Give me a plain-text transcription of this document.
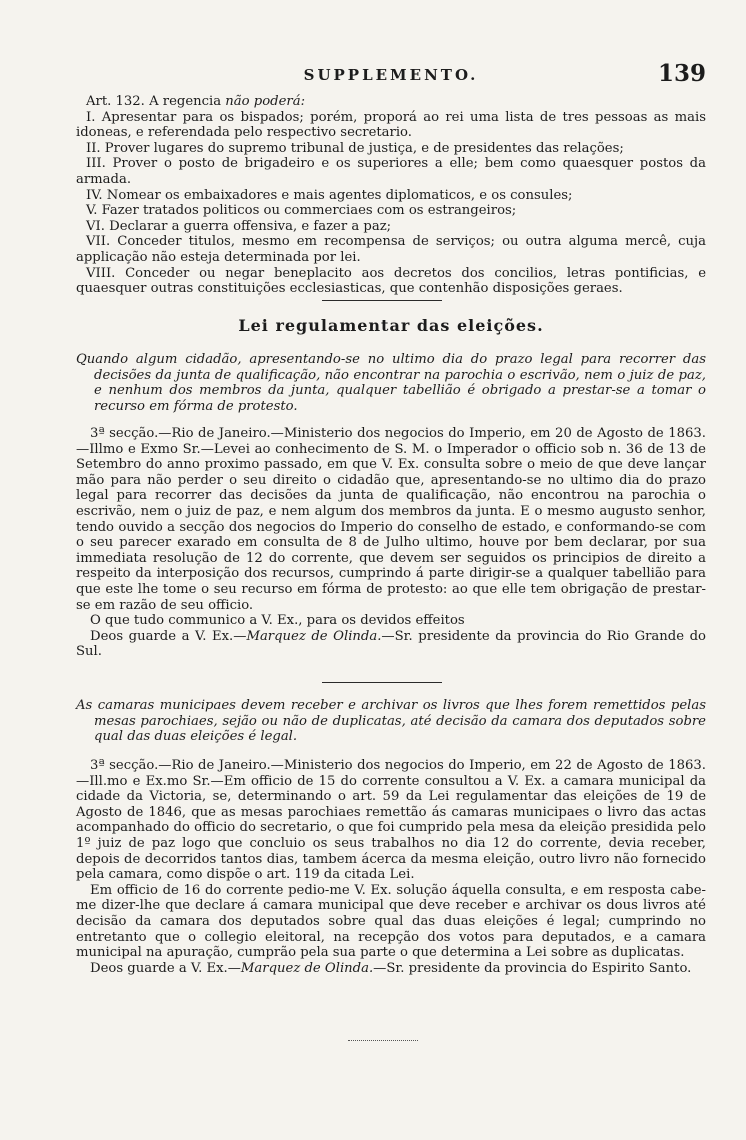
SUPPLEMENTO.	139

Art. 132. A regencia não poderá:

I. Apresentar para os bispados; porém, proporá ao rei uma lista de tres pessoas as mais idoneas, e referendada pelo respectivo secretario.

II. Prover lugares do supremo tribunal de justiça, e de presidentes das relações;

III. Prover o posto de brigadeiro e os superiores a elle; bem como quaesquer postos da armada.

IV. Nomear os embaixadores e mais agentes diplomaticos, e os consules;

V. Fazer tratados politicos ou commerciaes com os estrangeiros;

VI. Declarar a guerra offensiva, e fazer a paz;

VII. Conceder titulos, mesmo em recompensa de serviços; ou outra alguma mercê, cuja applicação não esteja determinada por lei.

VIII. Conceder ou negar beneplacito aos decretos dos concilios, letras pontificias, e quaesquer outras constituições ecclesiasticas, que contenhão disposições geraes.

Lei regulamentar das eleições.

Quando algum cidadão, apresentando-se no ultimo dia do prazo legal para recorrer das decisões da junta de qualificação, não encontrar na parochia o escrivão, nem o juiz de paz, e nenhum dos membros da junta, qualquer tabellião é obrigado a prestar-se a tomar o recurso em fórma de protesto.

3ª secção.—Rio de Janeiro.—Ministerio dos negocios do Imperio, em 20 de Agosto de 1863.—Illmo e Exmo Sr.—Levei ao conhecimento de S. M. o Imperador o officio sob n. 36 de 13 de Setembro do anno proximo passado, em que V. Ex. consulta sobre o meio de que deve lançar mão para não perder o seu direito o cidadão que, apresentando-se no ultimo dia do prazo legal para recorrer das decisões da junta de qualificação, não encontrou na parochia o escrivão, nem o juiz de paz, e nem algum dos membros da junta. E o mesmo augusto senhor, tendo ouvido a secção dos negocios do Imperio do conselho de estado, e conformando-se com o seu parecer exarado em consulta de 8 de Julho ultimo, houve por bem declarar, por sua immediata resolução de 12 do corrente, que devem ser seguidos os principios de direito a respeito da interposição dos recursos, cumprindo á parte dirigir-se a qualquer tabellião para que este lhe tome o seu recurso em fórma de protesto: ao que elle tem obrigação de prestar-se em razão de seu officio.

O que tudo communico a V. Ex., para os devidos effeitos

Deos guarde a V. Ex.—Marquez de Olinda.—Sr. presidente da provincia do Rio Grande do Sul.

As camaras municipaes devem receber e archivar os livros que lhes forem remettidos pelas mesas parochiaes, sejão ou não de duplicatas, até decisão da camara dos deputados sobre qual das duas eleições é legal.

3ª secção.—Rio de Janeiro.—Ministerio dos negocios do Imperio, em 22 de Agosto de 1863.—Ill.mo e Ex.mo Sr.—Em officio de 15 do corrente consultou a V. Ex. a camara municipal da cidade da Victoria, se, determinando o art. 59 da Lei regulamentar das eleições de 19 de Agosto de 1846, que as mesas parochiaes remettão ás camaras municipaes o livro das actas acompanhado do officio do secretario, o que foi cumprido pela mesa da eleição presidida pelo 1º juiz de paz logo que concluio os seus trabalhos no dia 12 do corrente, devia receber, depois de decorridos tantos dias, tambem ácerca da mesma eleição, outro livro não fornecido pela camara, como dispõe o art. 119 da citada Lei.

Em officio de 16 do corrente pedio-me V. Ex. solução áquella consulta, e em resposta cabe-me dizer-lhe que declare á camara municipal que deve receber e archivar os dous livros até decisão da camara dos deputados sobre qual das duas eleições é legal; cumprindo no entretanto que o collegio eleitoral, na recepção dos votos para deputados, e a camara municipal na apuração, cumprão pela sua parte o que determina a Lei sobre as duplicatas.

Deos guarde a V. Ex.—Marquez de Olinda.—Sr. presidente da provincia do Espirito Santo.
